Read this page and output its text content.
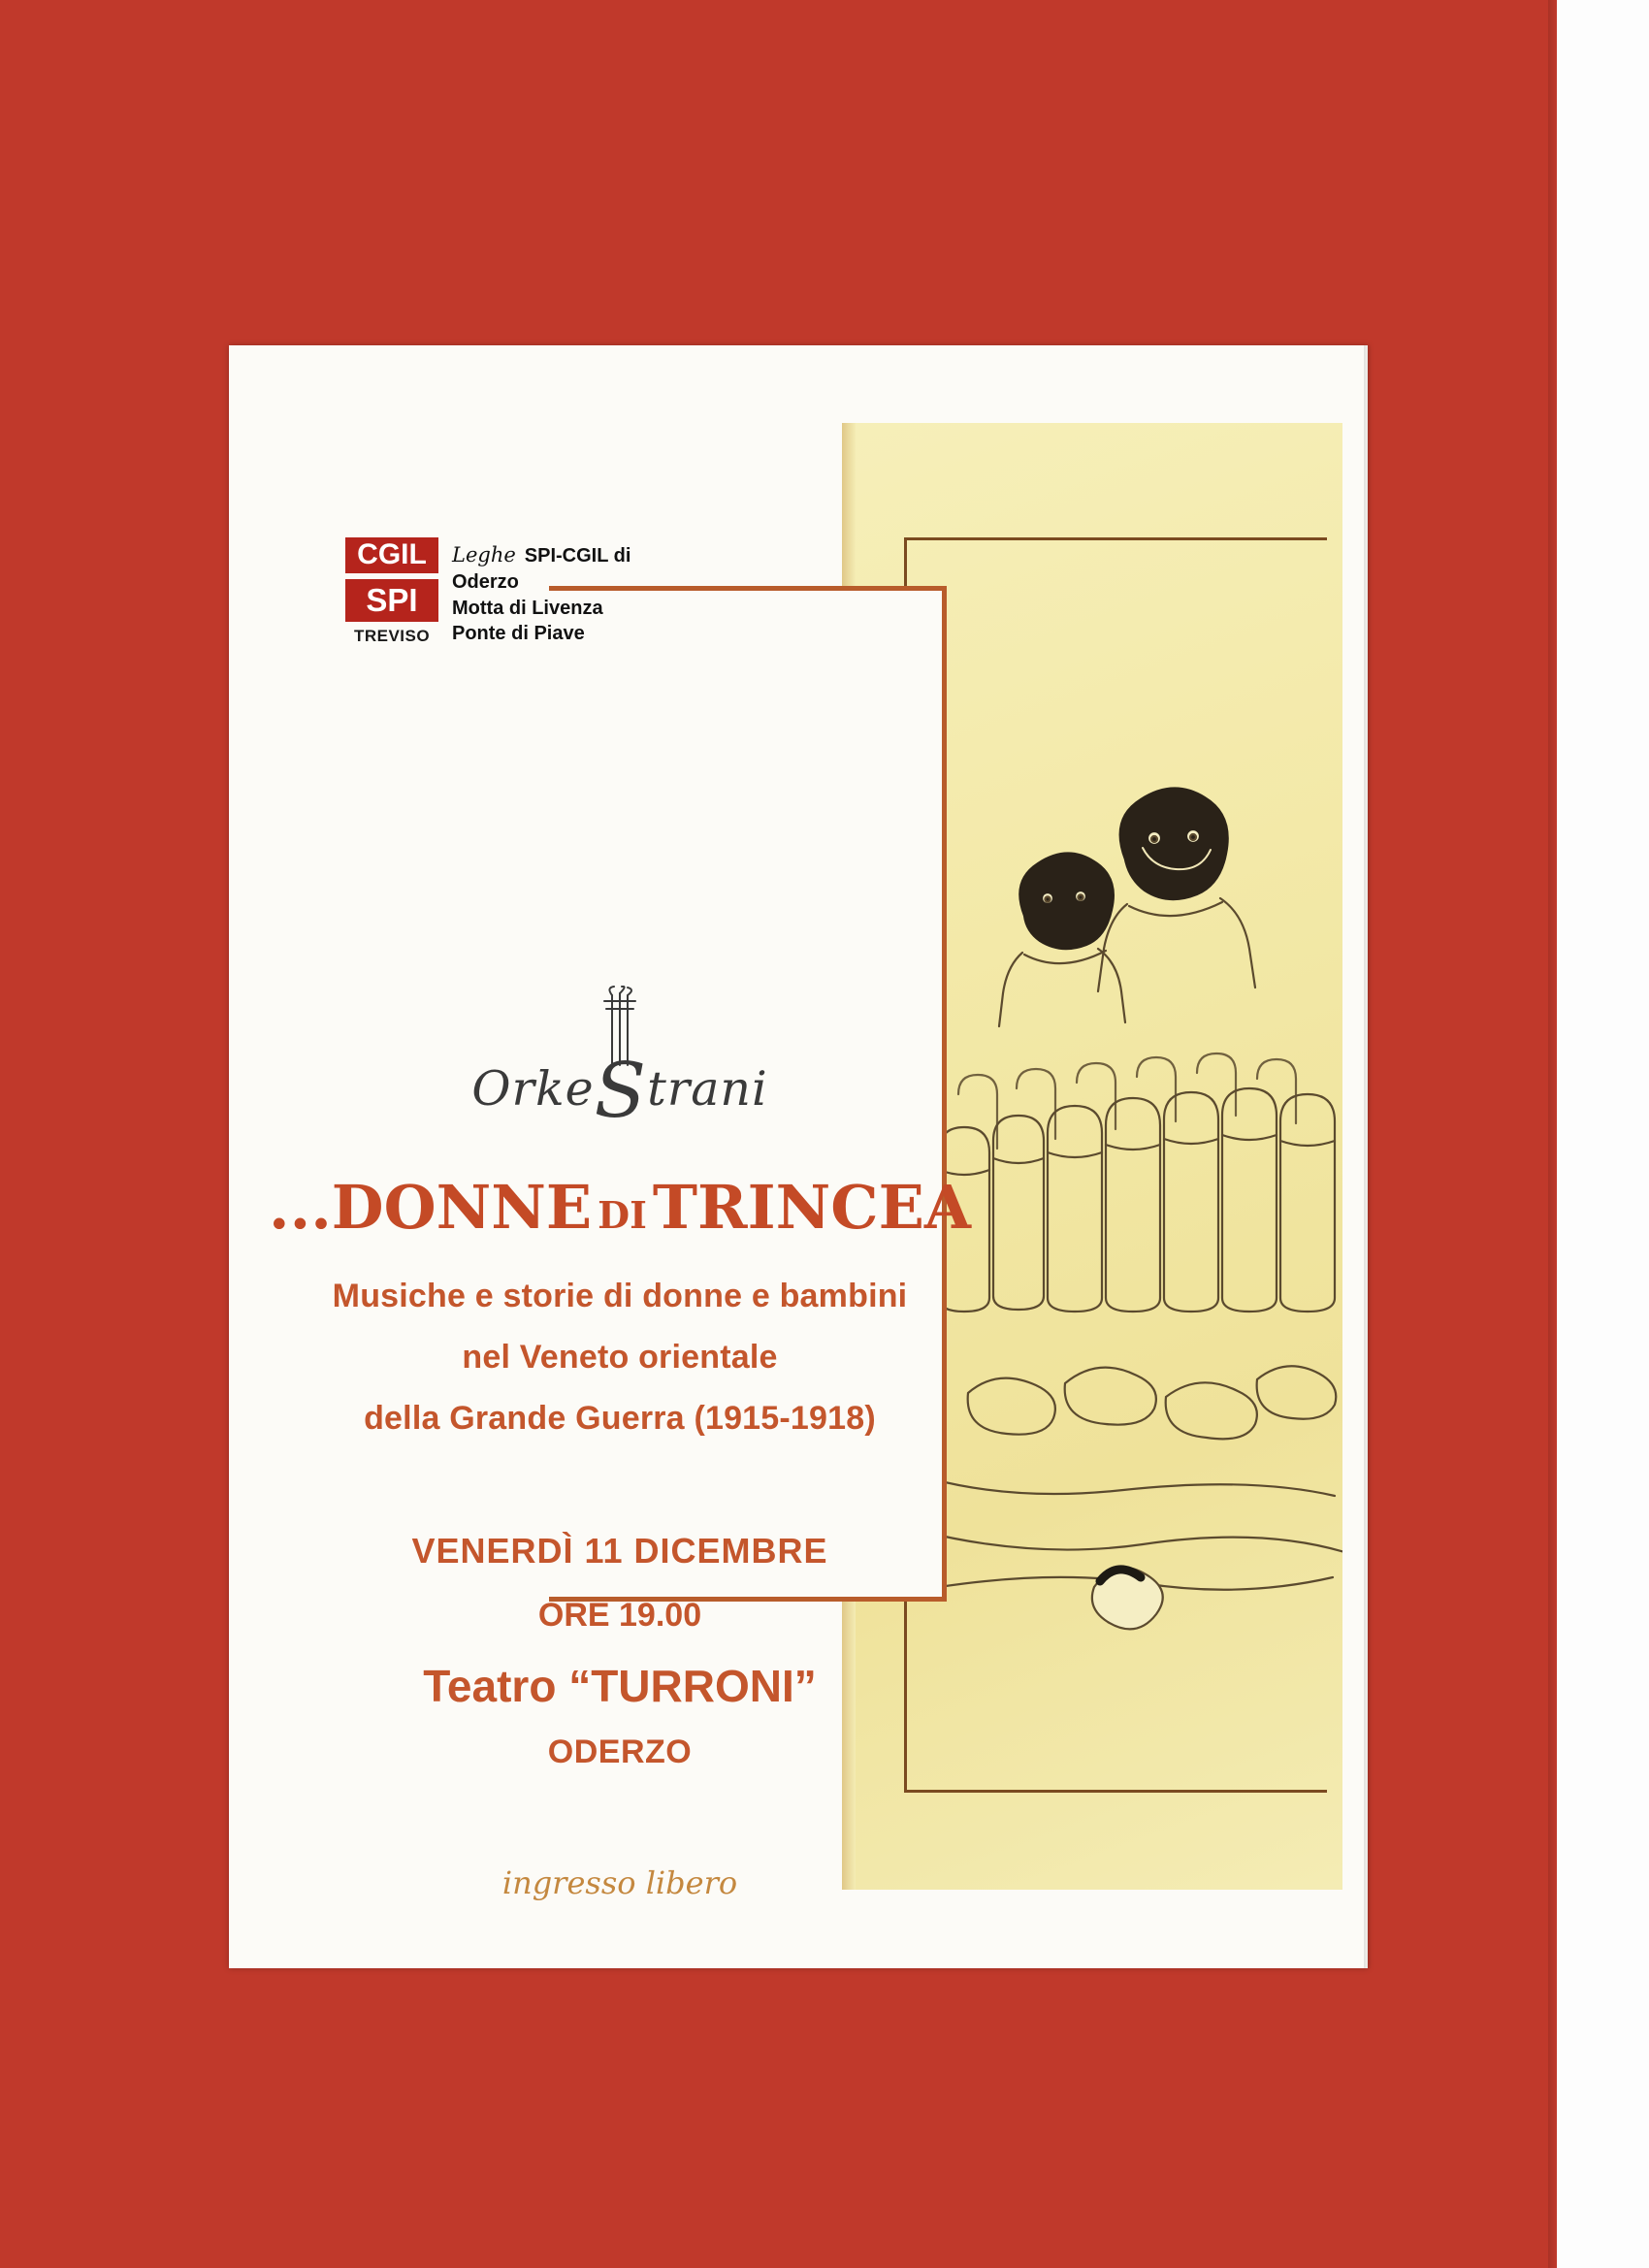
CGIL
SPI
TREVISO
Leghe SPI-CGIL di
Oderzo
Motta di Livenza
Ponte di Piave
OrkeStrani
...DONNE DITRINCEA
Musiche e storie di donne e bambini
nel Veneto orientale
della Grande Guerra (1915-1918)
VENERDÌ 11 DICEMBRE
ORE 19.00
Teatro “TURRONI”
ODERZO
ingresso libero
